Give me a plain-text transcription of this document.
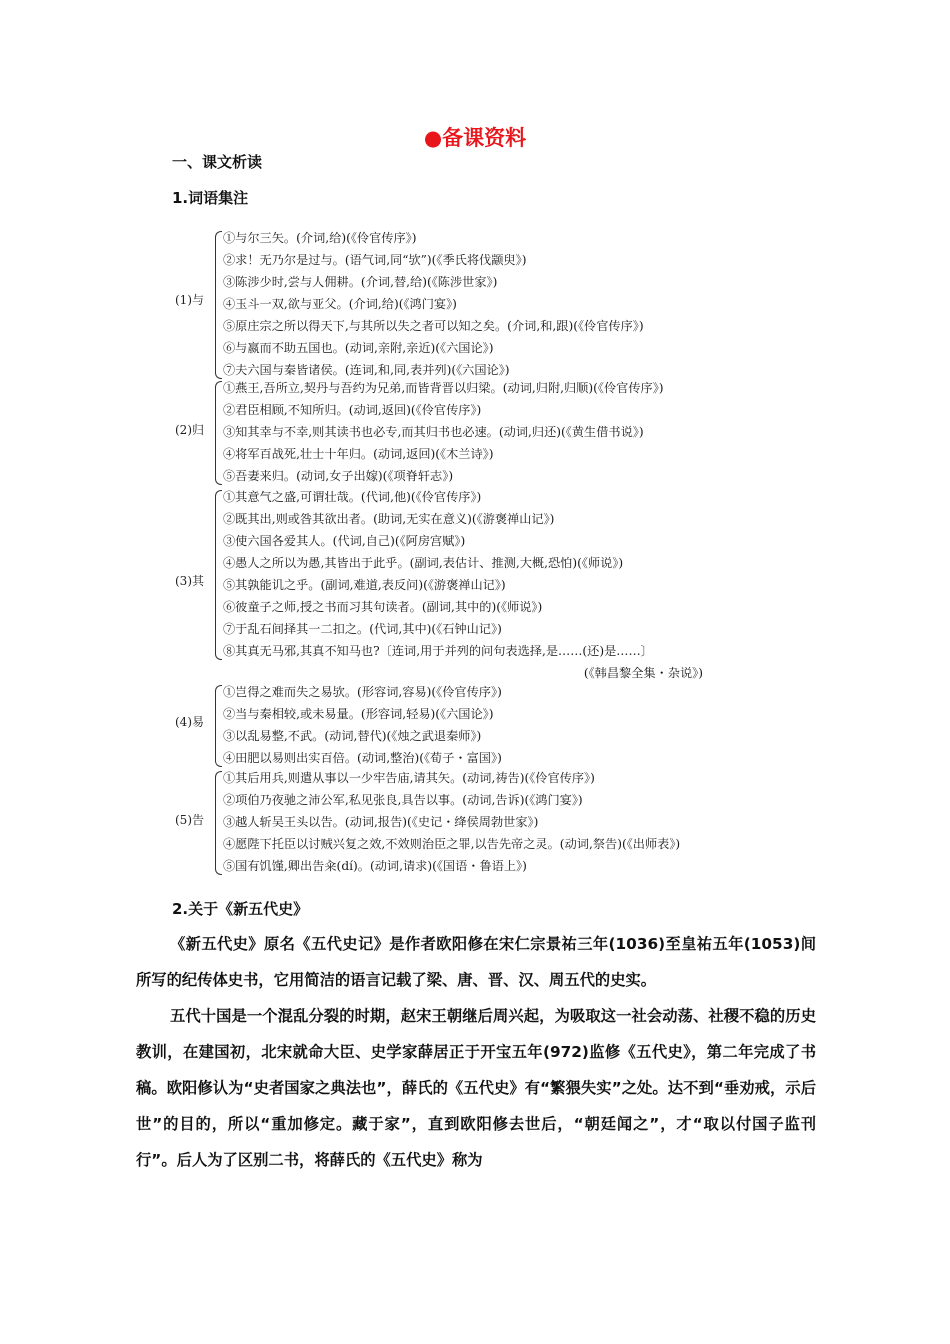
●备课资料
一、课文析读
1.词语集注
(1)与
①与尔三矢。(介词,给)(《伶官传序》)
②求！无乃尔是过与。(语气词,同“欤”)(《季氏将伐颛臾》)
③陈涉少时,尝与人佣耕。(介词,替,给)(《陈涉世家》)
④玉斗一双,欲与亚父。(介词,给)(《鸿门宴》)
⑤原庄宗之所以得天下,与其所以失之者可以知之矣。(介词,和,跟)(《伶官传序》)
⑥与嬴而不助五国也。(动词,亲附,亲近)(《六国论》)
⑦夫六国与秦皆诸侯。(连词,和,同,表并列)(《六国论》)
(2)归
①燕王,吾所立,契丹与吾约为兄弟,而皆背晋以归梁。(动词,归附,归顺)(《伶官传序》)
②君臣相顾,不知所归。(动词,返回)(《伶官传序》)
③知其幸与不幸,则其读书也必专,而其归书也必速。(动词,归还)(《黄生借书说》)
④将军百战死,壮士十年归。(动词,返回)(《木兰诗》)
⑤吾妻来归。(动词,女子出嫁)(《项脊轩志》)
(3)其
①其意气之盛,可谓壮哉。(代词,他)(《伶官传序》)
②既其出,则或咎其欲出者。(助词,无实在意义)(《游褒禅山记》)
③使六国各爱其人。(代词,自己)(《阿房宫赋》)
④愚人之所以为愚,其皆出于此乎。(副词,表估计、推测,大概,恐怕)(《师说》)
⑤其孰能讥之乎。(副词,难道,表反问)(《游褒禅山记》)
⑥彼童子之师,授之书而习其句读者。(副词,其中的)(《师说》)
⑦于乱石间择其一二扣之。(代词,其中)(《石钟山记》)
⑧其真无马邪,其真不知马也?〔连词,用于并列的问句表选择,是……(还)是……〕
(《韩昌黎全集・杂说》)
(4)易
①岂得之难而失之易欤。(形容词,容易)(《伶官传序》)
②当与秦相较,或未易量。(形容词,轻易)(《六国论》)
③以乱易整,不武。(动词,替代)(《烛之武退秦师》)
④田肥以易则出实百倍。(动词,整治)(《荀子・富国》)
(5)告
①其后用兵,则遣从事以一少牢告庙,请其矢。(动词,祷告)(《伶官传序》)
②项伯乃夜驰之沛公军,私见张良,具告以事。(动词,告诉)(《鸿门宴》)
③越人斩吴王头以告。(动词,报告)(《史记・绛侯周勃世家》)
④愿陛下托臣以讨贼兴复之效,不效则治臣之罪,以告先帝之灵。(动词,祭告)(《出师表》)
⑤国有饥馑,卿出告籴(dí)。(动词,请求)(《国语・鲁语上》)
2.关于《新五代史》

《新五代史》原名《五代史记》是作者欧阳修在宋仁宗景祐三年(1036)至皇祐五年(1053)间所写的纪传体史书，它用简洁的语言记载了梁、唐、晋、汉、周五代的史实。

五代十国是一个混乱分裂的时期，赵宋王朝继后周兴起，为吸取这一社会动荡、社稷不稳的历史教训，在建国初，北宋就命大臣、史学家薛居正于开宝五年(972)监修《五代史》，第二年完成了书稿。欧阳修认为“史者国家之典法也”，薛氏的《五代史》有“繁猥失实”之处。达不到“垂劝戒，示后世”的目的，所以“重加修定。藏于家”，直到欧阳修去世后，“朝廷闻之”，才“取以付国子监刊行”。后人为了区别二书，将薛氏的《五代史》称为
